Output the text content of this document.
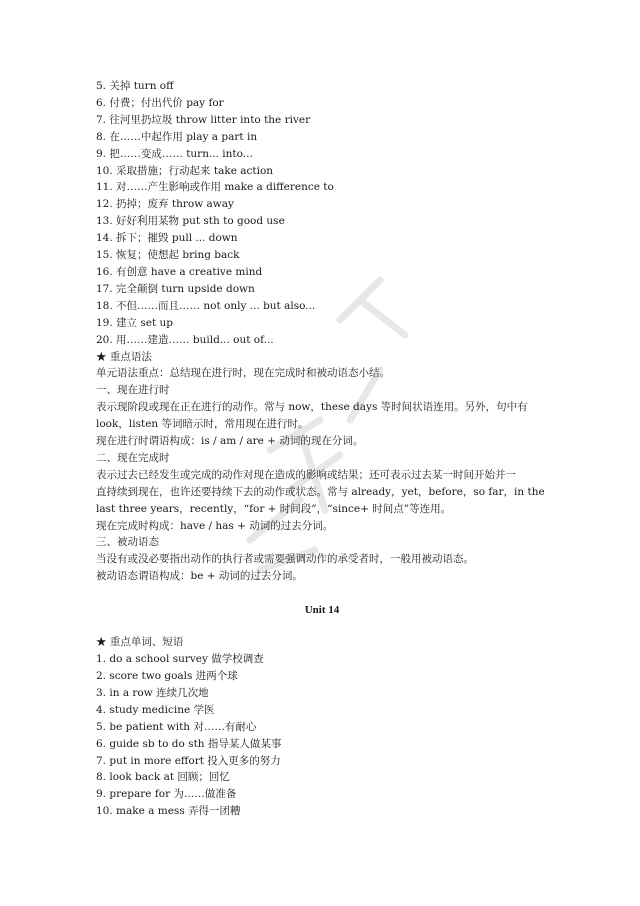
5. 关掉 turn off
6. 付费；付出代价 pay for
7. 往河里扔垃圾 throw litter into the river
8. 在……中起作用 play a part in
9. 把……变成…… turn... into...
10. 采取措施；行动起来 take action
11. 对……产生影响或作用 make a difference to
12. 扔掉；废弃 throw away
13. 好好利用某物 put sth to good use
14. 拆下；摧毁 pull ... down
15. 恢复；使想起 bring back
16. 有创意 have a creative mind
17. 完全颠倒 turn upside down
18. 不但……而且…… not only ... but also...
19. 建立 set up
20. 用……建造…… build... out of...
★ 重点语法
单元语法重点：总结现在进行时，现在完成时和被动语态小结。
一、现在进行时
表示现阶段或现在正在进行的动作。常与 now，these days 等时间状语连用。另外，句中有
look，listen 等词暗示时，常用现在进行时。
现在进行时谓语构成：is / am / are + 动词的现在分词。
二、现在完成时
表示过去已经发生或完成的动作对现在造成的影响或结果；还可表示过去某一时间开始并一
直持续到现在，也许还要持续下去的动作或状态。常与 already，yet，before，so far，in the
last three years，recently，“for + 时间段”，“since+ 时间点”等连用。
现在完成时构成：have / has + 动词的过去分词。
三、被动语态
当没有或没必要指出动作的执行者或需要强调动作的承受者时，一般用被动语态。
被动语态谓语构成：be + 动词的过去分词。
Unit 14
★ 重点单词、短语
1. do a school survey 做学校调查
2. score two goals 进两个球
3. in a row 连续几次地
4. study medicine 学医
5. be patient with 对……有耐心
6. guide sb to do sth 指导某人做某事
7. put in more effort 投入更多的努力
8. look back at 回顾；回忆
9. prepare for 为……做准备
10. make a mess 弄得一团糟
